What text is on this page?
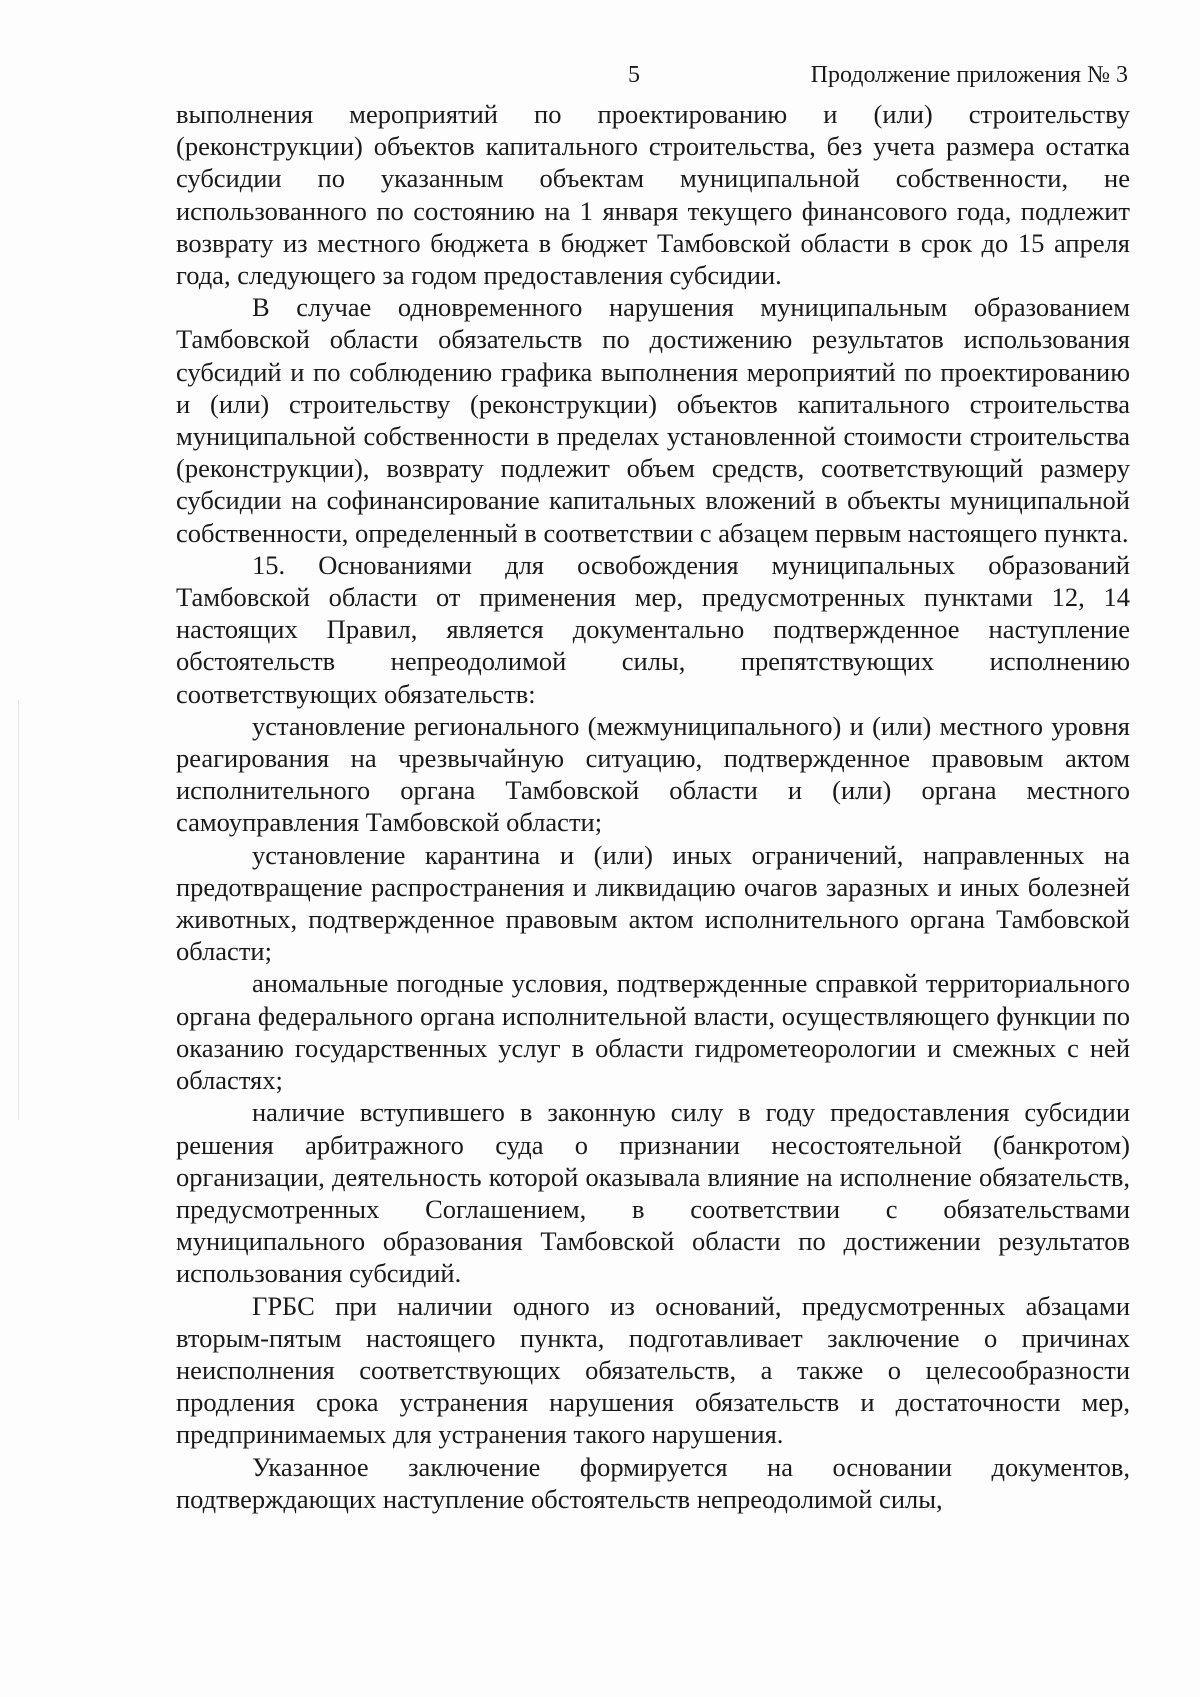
5	Продолжение приложения № 3

выполнения мероприятий по проектированию и (или) строительству (реконструкции) объектов капитального строительства, без учета размера остатка субсидии по указанным объектам муниципальной собственности, не использованного по состоянию на 1 января текущего финансового года, подлежит возврату из местного бюджета в бюджет Тамбовской области в срок до 15 апреля года, следующего за годом предоставления субсидии.

В случае одновременного нарушения муниципальным образованием Тамбовской области обязательств по достижению результатов использования субсидий и по соблюдению графика выполнения мероприятий по проектированию и (или) строительству (реконструкции) объектов капитального строительства муниципальной собственности в пределах установленной стоимости строительства (реконструкции), возврату подлежит объем средств, соответствующий размеру субсидии на софинансирование капитальных вложений в объекты муниципальной собственности, определенный в соответствии с абзацем первым настоящего пункта.

15. Основаниями для освобождения муниципальных образований Тамбовской области от применения мер, предусмотренных пунктами 12, 14 настоящих Правил, является документально подтвержденное наступление обстоятельств непреодолимой силы, препятствующих исполнению соответствующих обязательств:

установление регионального (межмуниципального) и (или) местного уровня реагирования на чрезвычайную ситуацию, подтвержденное правовым актом исполнительного органа Тамбовской области и (или) органа местного самоуправления Тамбовской области;

установление карантина и (или) иных ограничений, направленных на предотвращение распространения и ликвидацию очагов заразных и иных болезней животных, подтвержденное правовым актом исполнительного органа Тамбовской области;

аномальные погодные условия, подтвержденные справкой территориального органа федерального органа исполнительной власти, осуществляющего функции по оказанию государственных услуг в области гидрометеорологии и смежных с ней областях;

наличие вступившего в законную силу в году предоставления субсидии решения арбитражного суда о признании несостоятельной (банкротом) организации, деятельность которой оказывала влияние на исполнение обязательств, предусмотренных Соглашением, в соответствии с обязательствами муниципального образования Тамбовской области по достижении результатов использования субсидий.

ГРБС при наличии одного из оснований, предусмотренных абзацами вторым-пятым настоящего пункта, подготавливает заключение о причинах неисполнения соответствующих обязательств, а также о целесообразности продления срока устранения нарушения обязательств и достаточности мер, предпринимаемых для устранения такого нарушения.

Указанное заключение формируется на основании документов, подтверждающих наступление обстоятельств непреодолимой силы,
